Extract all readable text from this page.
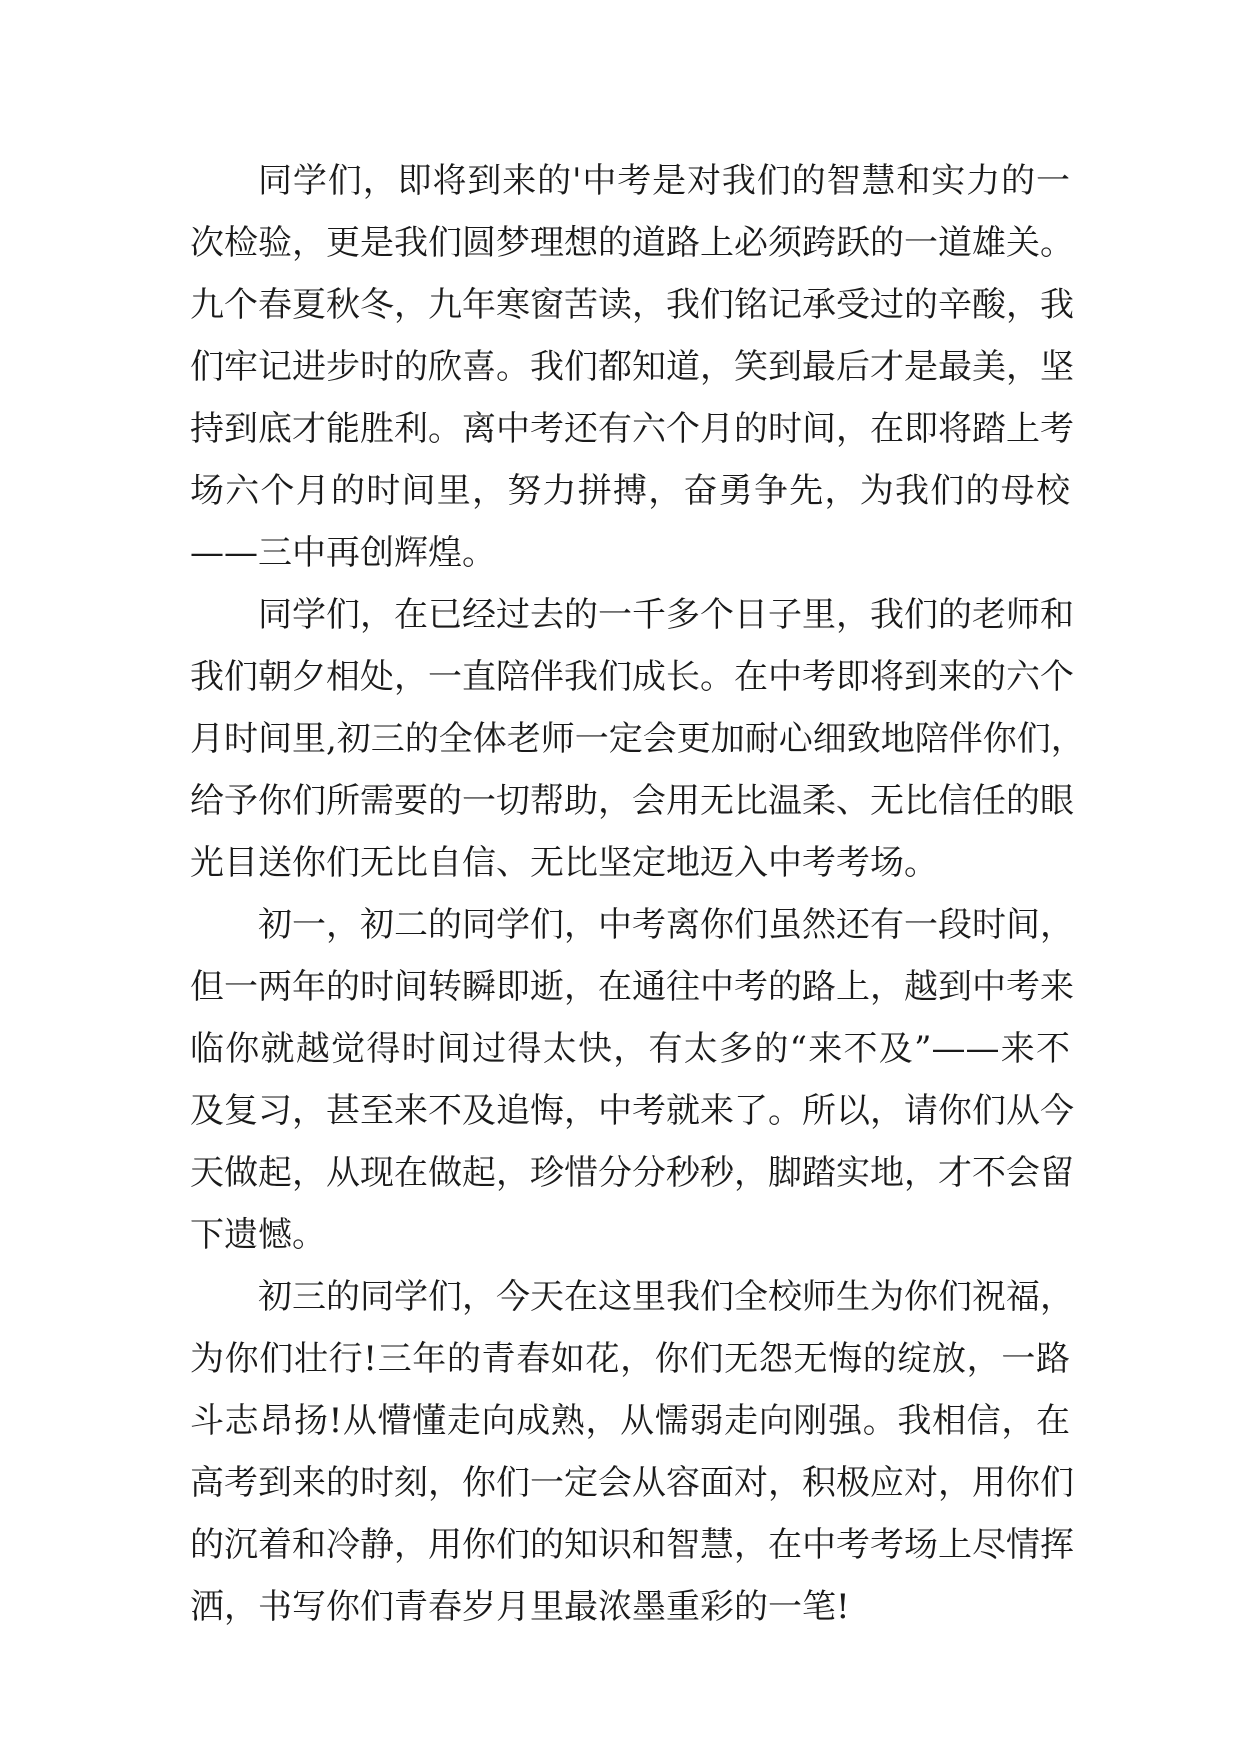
同学们，即将到来的'中考是对我们的智慧和实力的一
次检验，更是我们圆梦理想的道路上必须跨跃的一道雄关。
九个春夏秋冬，九年寒窗苦读，我们铭记承受过的辛酸，我
们牢记进步时的欣喜。我们都知道，笑到最后才是最美，坚
持到底才能胜利。离中考还有六个月的时间，在即将踏上考
场六个月的时间里，努力拼搏，奋勇争先，为我们的母校
——三中再创辉煌。
同学们，在已经过去的一千多个日子里，我们的老师和
我们朝夕相处，一直陪伴我们成长。在中考即将到来的六个
月时间里,初三的全体老师一定会更加耐心细致地陪伴你们，
给予你们所需要的一切帮助，会用无比温柔、无比信任的眼
光目送你们无比自信、无比坚定地迈入中考考场。
初一，初二的同学们，中考离你们虽然还有一段时间，
但一两年的时间转瞬即逝，在通往中考的路上，越到中考来
临你就越觉得时间过得太快，有太多的“来不及”——来不
及复习，甚至来不及追悔，中考就来了。所以，请你们从今
天做起，从现在做起，珍惜分分秒秒，脚踏实地，才不会留
下遗憾。
初三的同学们，今天在这里我们全校师生为你们祝福，
为你们壮行!三年的青春如花，你们无怨无悔的绽放，一路
斗志昂扬!从懵懂走向成熟，从懦弱走向刚强。我相信，在
高考到来的时刻，你们一定会从容面对，积极应对，用你们
的沉着和冷静，用你们的知识和智慧，在中考考场上尽情挥
洒，书写你们青春岁月里最浓墨重彩的一笔!
